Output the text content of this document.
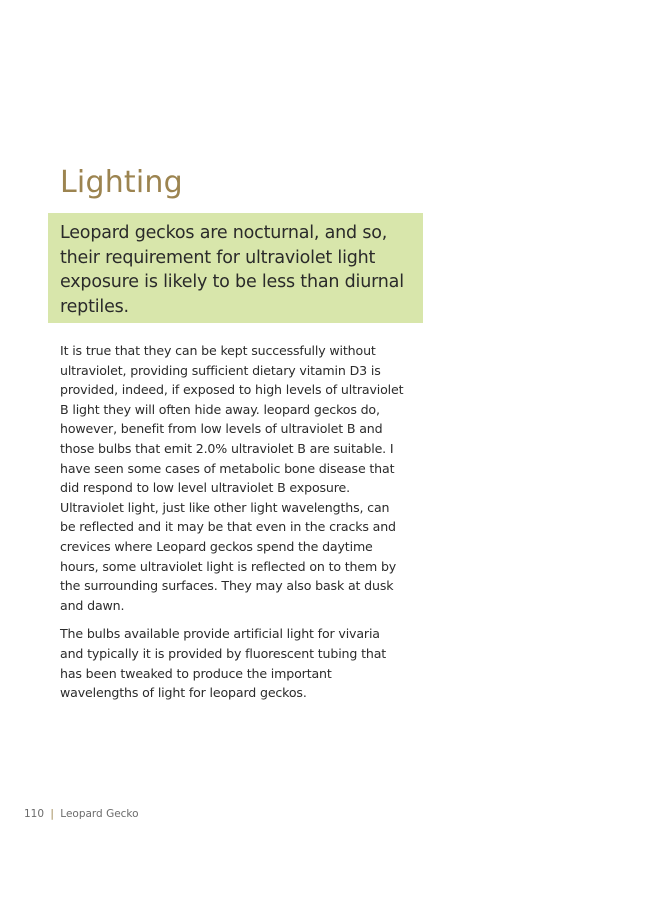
Lighting

Leopard geckos are nocturnal, and so, their requirement for ultraviolet light exposure is likely to be less than diurnal reptiles.

It is true that they can be kept successfully without ultraviolet, providing sufficient dietary vitamin D3 is provided, indeed, if exposed to high levels of ultraviolet B light they will often hide away. leopard geckos do, however, benefit from low levels of ultraviolet B and those bulbs that emit 2.0% ultraviolet B are suitable. I have seen some cases of metabolic bone disease that did respond to low level ultraviolet B exposure. Ultraviolet light, just like other light wavelengths, can be reflected and it may be that even in the cracks and crevices where Leopard geckos spend the daytime hours, some ultraviolet light is reflected on to them by the surrounding surfaces. They may also bask at dusk and dawn.

The bulbs available provide artificial light for vivaria and typically it is provided by fluorescent tubing that has been tweaked to produce the important wavelengths of light for leopard geckos.

110 | Leopard Gecko
